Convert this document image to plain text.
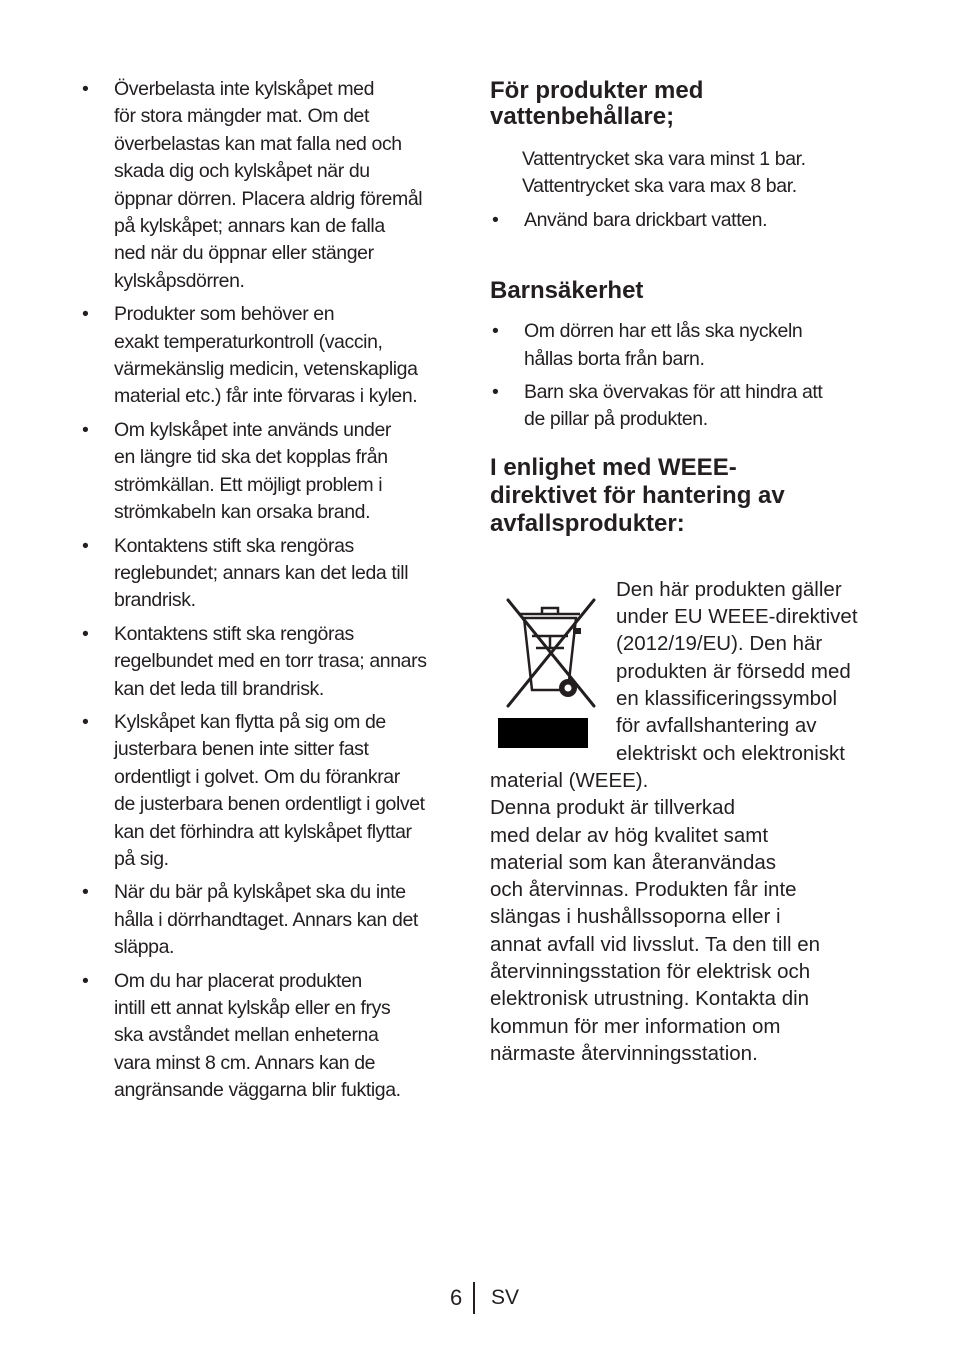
• Överbelasta inte kylskåpet med
för stora mängder mat. Om det
överbelastas kan mat falla ned och
skada dig och kylskåpet när du
öppnar dörren. Placera aldrig föremål
på kylskåpet; annars kan de falla
ned när du öppnar eller stänger
kylskåpsdörren.
• Produkter som behöver en
exakt temperaturkontroll (vaccin,
värmekänslig medicin, vetenskapliga
material etc.) får inte förvaras i kylen.
• Om kylskåpet inte används under
en längre tid ska det kopplas från
strömkällan. Ett möjligt problem i
strömkabeln kan orsaka brand.
• Kontaktens stift ska rengöras
reglebundet; annars kan det leda till
brandrisk.
• Kontaktens stift ska rengöras
regelbundet med en torr trasa; annars
kan det leda till brandrisk.
• Kylskåpet kan flytta på sig om de
justerbara benen inte sitter fast
ordentligt i golvet. Om du förankrar
de justerbara benen ordentligt i golvet
kan det förhindra att kylskåpet flyttar
på sig.
• När du bär på kylskåpet ska du inte
hålla i dörrhandtaget. Annars kan det
släppa.
• Om du har placerat produkten
intill ett annat kylskåp eller en frys
ska avståndet mellan enheterna
vara minst 8 cm. Annars kan de
angränsande väggarna blir fuktiga.
För produkter med
vattenbehållare;
Vattentrycket ska vara minst 1 bar.
Vattentrycket ska vara max 8 bar.
• Använd bara drickbart vatten.
Barnsäkerhet
• Om dörren har ett lås ska nyckeln
hållas borta från barn.
• Barn ska övervakas för att hindra att
de pillar på produkten.
I enlighet med WEEE-
direktivet för hantering av
avfallsprodukter:
Den här produkten gäller
under EU WEEE-direktivet
(2012/19/EU). Den här
produkten är försedd med
en klassificeringssymbol
för avfallshantering av
elektriskt och elektroniskt
material (WEEE).
Denna produkt är tillverkad
med delar av hög kvalitet samt
material som kan återanvändas
och återvinnas. Produkten får inte
slängas i hushållssoporna eller i
annat avfall vid livsslut. Ta den till en
återvinningsstation för elektrisk och
elektronisk utrustning. Kontakta din
kommun för mer information om
närmaste återvinningsstation.
6 SV
